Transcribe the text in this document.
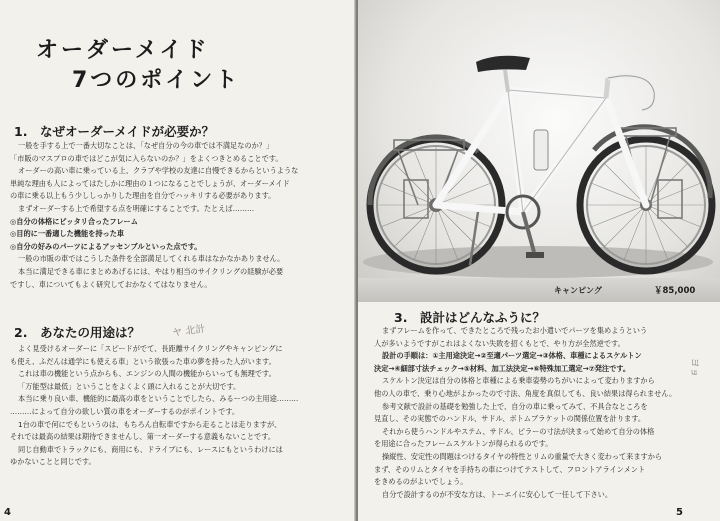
オーダーメイド
7つのポイント
1.　なぜオーダーメイドが必要か？

一般を手する上で一番大切なことは、「なぜ自分の今の車では不満足なのか？」

「市販のマスプロの車ではどこが気に入らないのか？」をよくつきとめることです。

オーダーの高い車に乗っている上、クラブや学校の友達に自慢できるからというような

単純な理由も人によってはたしかに理由の１つになることでしょうが、オーダーメイド

の車に乗る以上もう少ししっかりした理由を自分でハッキリする必要があります。

まずオーダーする上で希望する点を明確にすることです。たとえば………

◎自分の体格にピッタリ合ったフレーム

◎目的に一番適した機能を持った車

◎自分の好みのパーツによるアッセンブルといった点です。

一般の市販の車ではこうした条件を全部満足してくれる車はなかなかありません。

本当に満足できる車にまとめあげるには、やはり相当のサイクリングの経験が必要

ですし、車についてもよく研究しておかなくてはなりません。

2.　あなたの用途は？	ヤ 北計

よく見受けるオーダーに「スピードがでて、長距離サイクリングやキャンピングに

も使え、ふだんは通学にも使える車」という欲張った車の夢を持った人がいます。

これは車の機能という点からも、エンジンの人間の機能からいっても無理です。

「万能型は最低」ということをよくよく頭に入れることが大切です。

本当に乗り良い車、機能的に最高の車をということでしたら、みるーつの主用途………

………によって自分の欲しい質の車をオーダーするのがポイントです。

1台の車で何にでもというのは、もちろん自転車ですから走ることは走りますが、

それでは最高の結果は期待できませんし、第一オーダーする意義もないことです。

同じ自動車でトラックにも、商用にも、ドライブにも、レースにもというわけには

ゆかないことと同じです。

4
キャンピング	￥85,000
3.　設計はどんなふうに？
ヨョ

まずフレームを作って、できたところで残ったお小遣いでパーツを集めようという

人が多いようですがこれはよくない失敗を招くもとで、やり方が全然逆です。

設計の手順は：①主用途決定→②至適パーツ選定→③体格、車種によるスケルトン

決定→④細部寸法チェック→⑤材料、加工法決定→⑥特殊加工選定→⑦発注です。

スケルトン決定は自分の体格と車種による乗車姿勢のちがいによって変わりますから

他の人の車で、乗り心地がよかったので寸法、角度を真似しても、良い結果は得られません。

参考文献で設計の基礎を勉強した上で、自分の車に乗ってみて、不具合なところを

見直し、その実態でのハンドル、サドル、ボトムブラケットの関係位置を計ります。

それから使うハンドルやステム、サドル、ピラーの寸法が決まって始めて自分の体格

を用途に合ったフレームスケルトンが得られるのです。

操縦性、安定性の問題はつけるタイヤの特性とリムの重量で大きく変わって来ますから

まず、そのリムとタイヤを手持ちの車につけてテストして、フロントアラインメント

をきめるのがよいでしょう。

自分で設計するのが不安な方は、トーエイに安心して一任して下さい。

5
